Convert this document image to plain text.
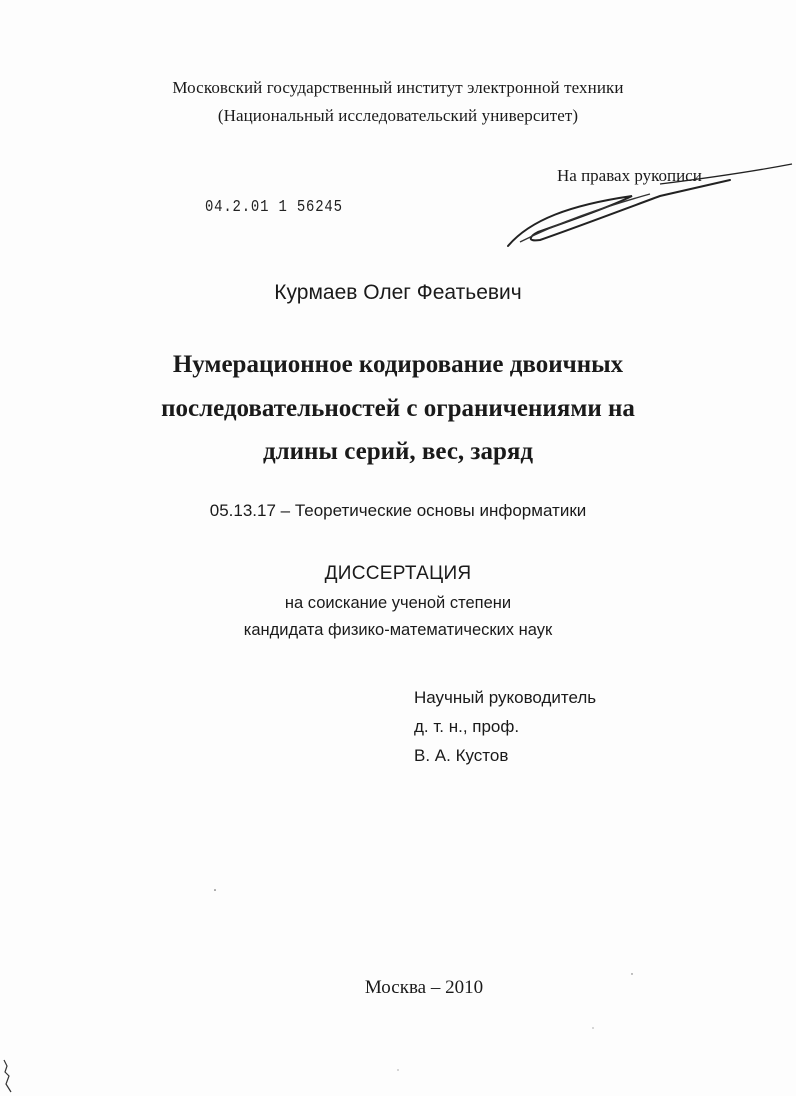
Московский государственный институт электронной техники
(Национальный исследовательский университет)
На правах рукописи
04.2.01 1 56245
Курмаев Олег Феатьевич
Нумерационное кодирование двоичных
последовательностей с ограничениями на
длины серий, вес, заряд
05.13.17 – Теоретические основы информатики
ДИССЕРТАЦИЯ
на соискание ученой степени
кандидата физико-математических наук
Научный руководитель
д. т. н., проф.
В. А. Кустов
Москва – 2010
